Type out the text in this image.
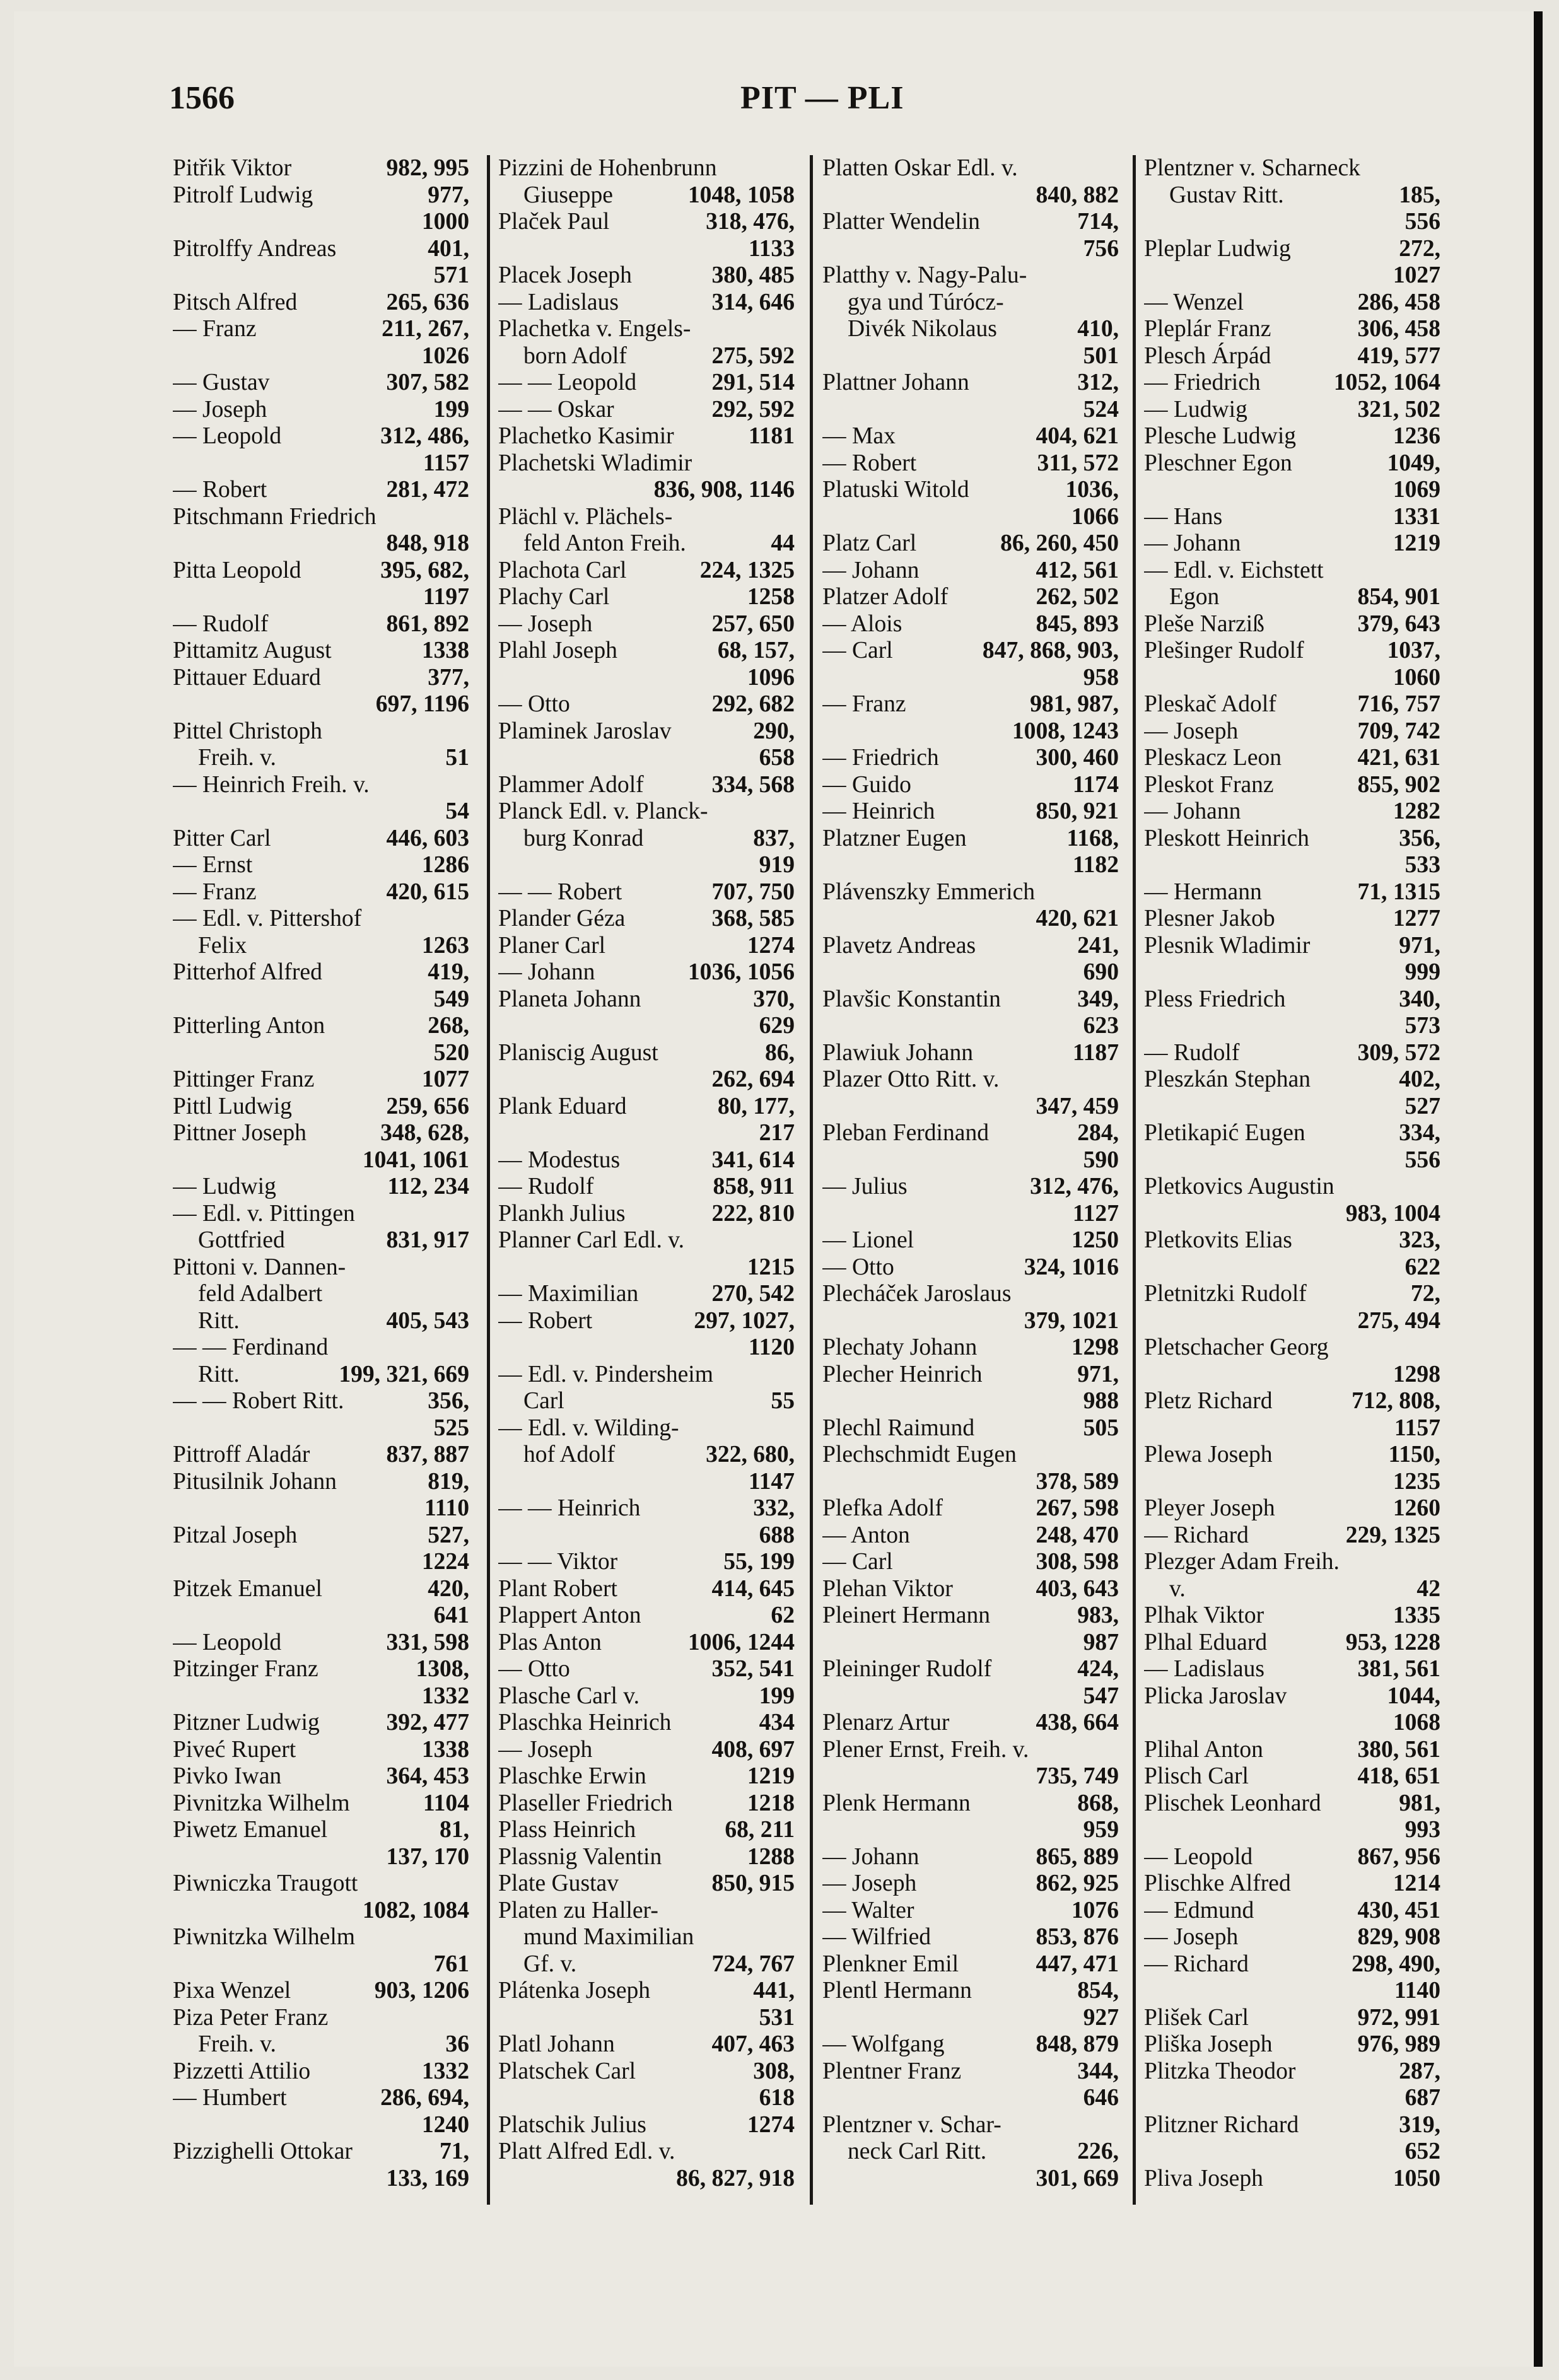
1566	PIT — PLI
Pitřik Viktor	982, 995
Pitrolf Ludwig	977,
1000
Pitrolffy Andreas	401,
571
Pitsch Alfred	265, 636
— Franz	211, 267,
1026
— Gustav	307, 582
— Joseph	199
— Leopold	312, 486,
1157
— Robert	281, 472
Pitschmann Friedrich
848, 918
Pitta Leopold	395, 682,
1197
— Rudolf	861, 892
Pittamitz August	1338
Pittauer Eduard	377,
697, 1196
Pittel Christoph
Freih. v.	51
— Heinrich Freih. v.
54
Pitter Carl	446, 603
— Ernst	1286
— Franz	420, 615
— Edl. v. Pittershof
Felix	1263
Pitterhof Alfred	419,
549
Pitterling Anton	268,
520
Pittinger Franz	1077
Pittl Ludwig	259, 656
Pittner Joseph	348, 628,
1041, 1061
— Ludwig	112, 234
— Edl. v. Pittingen
Gottfried	831, 917
Pittoni v. Dannen-
feld Adalbert
Ritt.	405, 543
— — Ferdinand
Ritt.	199, 321, 669
— — Robert Ritt.	356,
525
Pittroff Aladár	837, 887
Pitusilnik Johann	819,
1110
Pitzal Joseph	527,
1224
Pitzek Emanuel	420,
641
— Leopold	331, 598
Pitzinger Franz	1308,
1332
Pitzner Ludwig	392, 477
Piveć Rupert	1338
Pivko Iwan	364, 453
Pivnitzka Wilhelm	1104
Piwetz Emanuel	81,
137, 170
Piwniczka Traugott
1082, 1084
Piwnitzka Wilhelm
761
Pixa Wenzel	903, 1206
Piza Peter Franz
Freih. v.	36
Pizzetti Attilio	1332
— Humbert	286, 694,
1240
Pizzighelli Ottokar	71,
133, 169
Pizzini de Hohenbrunn
Giuseppe	1048, 1058
Plaček Paul	318, 476,
1133
Placek Joseph	380, 485
— Ladislaus	314, 646
Plachetka v. Engels-
born Adolf	275, 592
— — Leopold	291, 514
— — Oskar	292, 592
Plachetko Kasimir	1181
Plachetski Wladimir
836, 908, 1146
Plächl v. Plächels-
feld Anton Freih.	44
Plachota Carl	224, 1325
Plachy Carl	1258
— Joseph	257, 650
Plahl Joseph	68, 157,
1096
— Otto	292, 682
Plaminek Jaroslav	290,
658
Plammer Adolf	334, 568
Planck Edl. v. Planck-
burg Konrad	837,
919
— — Robert	707, 750
Plander Géza	368, 585
Planer Carl	1274
— Johann	1036, 1056
Planeta Johann	370,
629
Planiscig August	86,
262, 694
Plank Eduard	80, 177,
217
— Modestus	341, 614
— Rudolf	858, 911
Plankh Julius	222, 810
Planner Carl Edl. v.
1215
— Maximilian	270, 542
— Robert	297, 1027,
1120
— Edl. v. Pindersheim
Carl	55
— Edl. v. Wilding-
hof Adolf	322, 680,
1147
— — Heinrich	332,
688
— — Viktor	55, 199
Plant Robert	414, 645
Plappert Anton	62
Plas Anton	1006, 1244
— Otto	352, 541
Plasche Carl v.	199
Plaschka Heinrich	434
— Joseph	408, 697
Plaschke Erwin	1219
Plaseller Friedrich	1218
Plass Heinrich	68, 211
Plassnig Valentin	1288
Plate Gustav	850, 915
Platen zu Haller-
mund Maximilian
Gf. v.	724, 767
Plátenka Joseph	441,
531
Platl Johann	407, 463
Platschek Carl	308,
618
Platschik Julius	1274
Platt Alfred Edl. v.
86, 827, 918
Platten Oskar Edl. v.
840, 882
Platter Wendelin	714,
756
Platthy v. Nagy-Palu-
gya und Túrócz-
Divék Nikolaus	410,
501
Plattner Johann	312,
524
— Max	404, 621
— Robert	311, 572
Platuski Witold	1036,
1066
Platz Carl	86, 260, 450
— Johann	412, 561
Platzer Adolf	262, 502
— Alois	845, 893
— Carl	847, 868, 903,
958
— Franz	981, 987,
1008, 1243
— Friedrich	300, 460
— Guido	1174
— Heinrich	850, 921
Platzner Eugen	1168,
1182
Plávenszky Emmerich
420, 621
Plavetz Andreas	241,
690
Plavšic Konstantin	349,
623
Plawiuk Johann	1187
Plazer Otto Ritt. v.
347, 459
Pleban Ferdinand	284,
590
— Julius	312, 476,
1127
— Lionel	1250
— Otto	324, 1016
Plecháček Jaroslaus
379, 1021
Plechaty Johann	1298
Plecher Heinrich	971,
988
Plechl Raimund	505
Plechschmidt Eugen
378, 589
Plefka Adolf	267, 598
— Anton	248, 470
— Carl	308, 598
Plehan Viktor	403, 643
Pleinert Hermann	983,
987
Pleininger Rudolf	424,
547
Plenarz Artur	438, 664
Plener Ernst, Freih. v.
735, 749
Plenk Hermann	868,
959
— Johann	865, 889
— Joseph	862, 925
— Walter	1076
— Wilfried	853, 876
Plenkner Emil	447, 471
Plentl Hermann	854,
927
— Wolfgang	848, 879
Plentner Franz	344,
646
Plentzner v. Schar-
neck Carl Ritt.	226,
301, 669
Plentzner v. Scharneck
Gustav Ritt.	185,
556
Pleplar Ludwig	272,
1027
— Wenzel	286, 458
Pleplár Franz	306, 458
Plesch Árpád	419, 577
— Friedrich	1052, 1064
— Ludwig	321, 502
Plesche Ludwig	1236
Pleschner Egon	1049,
1069
— Hans	1331
— Johann	1219
— Edl. v. Eichstett
Egon	854, 901
Pleše Narziß	379, 643
Plešinger Rudolf	1037,
1060
Pleskač Adolf	716, 757
— Joseph	709, 742
Pleskacz Leon	421, 631
Pleskot Franz	855, 902
— Johann	1282
Pleskott Heinrich	356,
533
— Hermann	71, 1315
Plesner Jakob	1277
Plesnik Wladimir	971,
999
Pless Friedrich	340,
573
— Rudolf	309, 572
Pleszkán Stephan	402,
527
Pletikapić Eugen	334,
556
Pletkovics Augustin
983, 1004
Pletkovits Elias	323,
622
Pletnitzki Rudolf	72,
275, 494
Pletschacher Georg
1298
Pletz Richard	712, 808,
1157
Plewa Joseph	1150,
1235
Pleyer Joseph	1260
— Richard	229, 1325
Plezger Adam Freih.
v.	42
Plhak Viktor	1335
Plhal Eduard	953, 1228
— Ladislaus	381, 561
Plicka Jaroslav	1044,
1068
Plihal Anton	380, 561
Plisch Carl	418, 651
Plischek Leonhard	981,
993
— Leopold	867, 956
Plischke Alfred	1214
— Edmund	430, 451
— Joseph	829, 908
— Richard	298, 490,
1140
Plišek Carl	972, 991
Pliška Joseph	976, 989
Plitzka Theodor	287,
687
Plitzner Richard	319,
652
Pliva Joseph	1050
